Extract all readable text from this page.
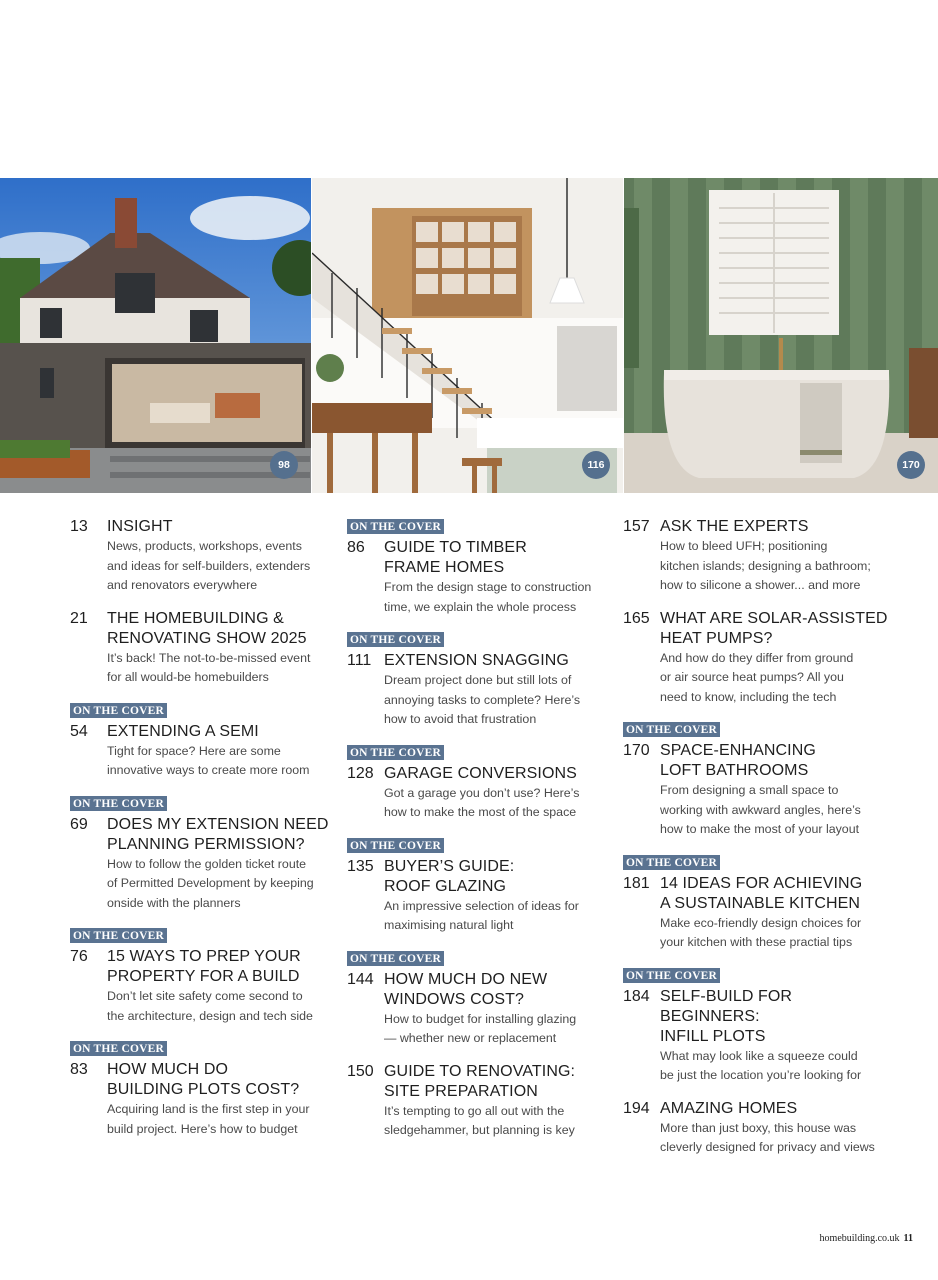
98	116	170
13	INSIGHT
News, products, workshops, events
and ideas for self-builders, extenders
and renovators everywhere
21	THE HOMEBUILDING &
RENOVATING SHOW 2025
It’s back! The not-to-be-missed event
for all would-be homebuilders
ON THE COVER

54	EXTENDING A SEMI
Tight for space? Here are some
innovative ways to create more room
ON THE COVER

69	DOES MY EXTENSION NEED
PLANNING PERMISSION?
How to follow the golden ticket route
of Permitted Development by keeping
onside with the planners
ON THE COVER

76	15 WAYS TO PREP YOUR
PROPERTY FOR A BUILD
Don’t let site safety come second to
the architecture, design and tech side
ON THE COVER

83	HOW MUCH DO
BUILDING PLOTS COST?
Acquiring land is the first step in your
build project. Here’s how to budget
ON THE COVER

86	GUIDE TO TIMBER
FRAME HOMES
From the design stage to construction
time, we explain the whole process
ON THE COVER

111 EXTENSION SNAGGING
Dream project done but still lots of
annoying tasks to complete? Here’s
how to avoid that frustration
ON THE COVER

128 GARAGE CONVERSIONS
Got a garage you don’t use? Here’s
how to make the most of the space
ON THE COVER

135 BUYER’S GUIDE:
ROOF GLAZING
An impressive selection of ideas for
maximising natural light
ON THE COVER

144 HOW MUCH DO NEW
WINDOWS COST?
How to budget for installing glazing
— whether new or replacement
150 GUIDE TO RENOVATING:
SITE PREPARATION
It’s tempting to go all out with the
sledgehammer, but planning is key
157 ASK THE EXPERTS
How to bleed UFH; positioning
kitchen islands; designing a bathroom;
how to silicone a shower... and more
165 WHAT ARE SOLAR-ASSISTED
HEAT PUMPS?
And how do they differ from ground
or air source heat pumps? All you
need to know, including the tech
ON THE COVER

170 SPACE-ENHANCING
LOFT BATHROOMS
From designing a small space to
working with awkward angles, here’s
how to make the most of your layout
ON THE COVER

181 14 IDEAS FOR ACHIEVING
A SUSTAINABLE KITCHEN
Make eco-friendly design choices for
your kitchen with these practial tips
ON THE COVER

184 SELF-BUILD FOR BEGINNERS:
INFILL PLOTS
What may look like a squeeze could
be just the location you’re looking for
194 AMAZING HOMES
More than just boxy, this house was
cleverly designed for privacy and views
homebuilding.co.uk 11
